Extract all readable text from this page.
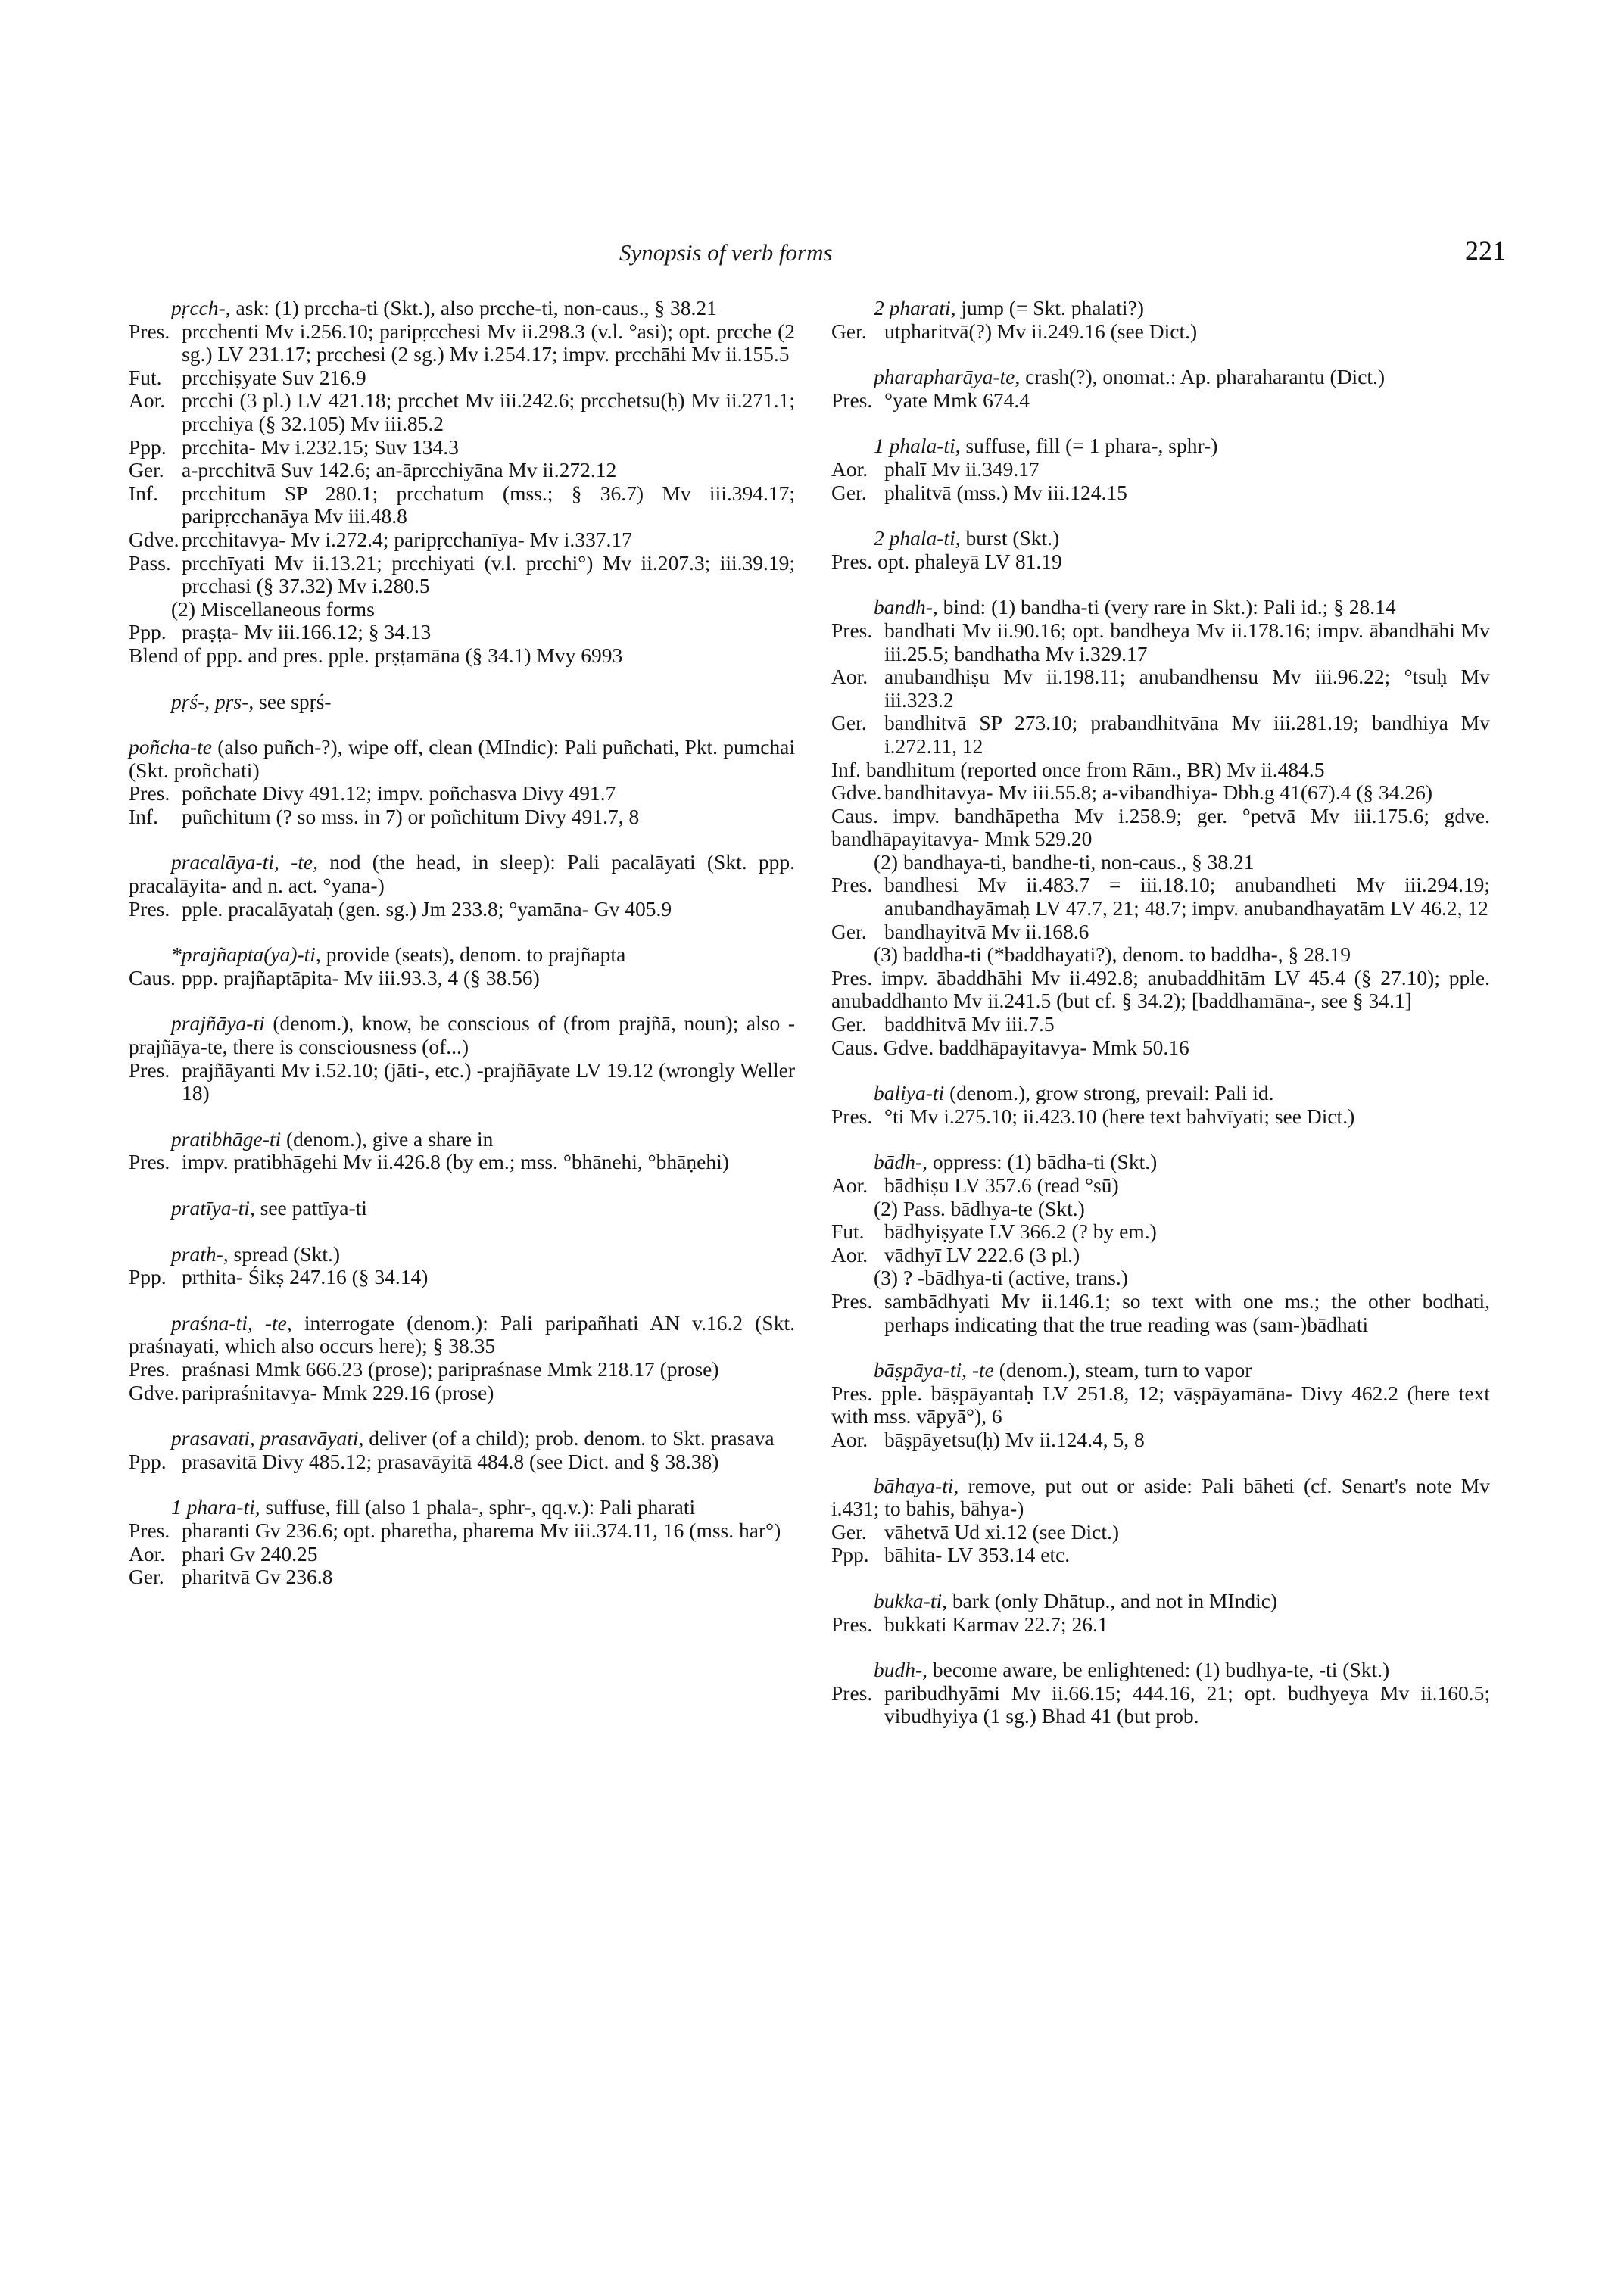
Synopsis of verb forms	221

pṛcch-, ask: (1) prccha-ti (Skt.), also prcche-ti, non-caus., § 38.21

Pres. prcchenti Mv i.256.10; paripṛcchesi Mv ii.298.3 (v.l. °asi); opt. prcche (2 sg.) LV 231.17; prcchesi (2 sg.) Mv i.254.17; impv. prcchāhi Mv ii.155.5
Fut. prcchiṣyate Suv 216.9
Aor. prcchi (3 pl.) LV 421.18; prcchet Mv iii.242.6; prcchetsu(ḥ) Mv ii.271.1; prcchiya (§ 32.105) Mv iii.85.2
Ppp. prcchita- Mv i.232.15; Suv 134.3
Ger. a-prcchitvā Suv 142.6; an-āprcchiyāna Mv ii.272.12
Inf.	prcchitum SP 280.1; prcchatum (mss.; § 36.7) Mv iii.394.17; paripṛcchanāya Mv iii.48.8
Gdve. prcchitavya- Mv i.272.4; paripṛcchanīya- Mv i.337.17
Pass. prcchīyati Mv ii.13.21; prcchiyati (v.l. prcchi°) Mv ii.207.3; iii.39.19; prcchasi (§ 37.32) Mv i.280.5

(2) Miscellaneous forms

Ppp. praṣṭa- Mv iii.166.12; § 34.13

Blend of ppp. and pres. pple. prṣṭamāna (§ 34.1) Mvy 6993

pṛś-, pṛs-, see spṛś-

poñcha-te (also puñch-?), wipe off, clean (MIndic): Pali puñchati, Pkt. pumchai (Skt. proñchati)

Pres. poñchate Divy 491.12; impv. poñchasva Divy 491.7
Inf.	puñchitum (? so mss. in 7) or poñchitum Divy 491.7, 8

pracalāya-ti, -te, nod (the head, in sleep): Pali pacalāyati (Skt. ppp. pracalāyita- and n. act. °yana-)

Pres. pple. pracalāyataḥ (gen. sg.) Jm 233.8; °yamāna- Gv 405.9

*prajñapta(ya)-ti, provide (seats), denom. to prajñapta

Caus. ppp. prajñaptāpita- Mv iii.93.3, 4 (§ 38.56)

prajñāya-ti (denom.), know, be conscious of (from prajñā, noun); also -prajñāya-te, there is consciousness (of...)

Pres. prajñāyanti Mv i.52.10; (jāti-, etc.) -prajñāyate LV 19.12 (wrongly Weller 18)

pratibhāge-ti (denom.), give a share in

Pres. impv. pratibhāgehi Mv ii.426.8 (by em.; mss. °bhānehi, °bhāṇehi)

pratīya-ti, see pattīya-ti

prath-, spread (Skt.)

Ppp. prthita- Śikṣ 247.16 (§ 34.14)

praśna-ti, -te, interrogate (denom.): Pali paripañhati AN v.16.2 (Skt. praśnayati, which also occurs here); § 38.35

Pres. praśnasi Mmk 666.23 (prose); paripraśnase Mmk 218.17 (prose)
Gdve. paripraśnitavya- Mmk 229.16 (prose)

prasavati, prasavāyati, deliver (of a child); prob. denom. to Skt. prasava

Ppp. prasavitā Divy 485.12; prasavāyitā 484.8 (see Dict. and § 38.38)

1 phara-ti, suffuse, fill (also 1 phala-, sphr-, qq.v.): Pali pharati

Pres. pharanti Gv 236.6; opt. pharetha, pharema Mv iii.374.11, 16 (mss. har°)
Aor. phari Gv 240.25
Ger. pharitvā Gv 236.8

2 pharati, jump (= Skt. phalati?)

Ger. utpharitvā(?) Mv ii.249.16 (see Dict.)

pharapharāya-te, crash(?), onomat.: Ap. pharaharantu (Dict.)

Pres. °yate Mmk 674.4

1 phala-ti, suffuse, fill (= 1 phara-, sphr-)

Aor. phalī Mv ii.349.17
Ger. phalitvā (mss.) Mv iii.124.15

2 phala-ti, burst (Skt.)

Pres. opt. phaleyā LV 81.19

bandh-, bind: (1) bandha-ti (very rare in Skt.): Pali id.; § 28.14

Pres. bandhati Mv ii.90.16; opt. bandheya Mv ii.178.16; impv. ābandhāhi Mv iii.25.5; bandhatha Mv i.329.17
Aor. anubandhiṣu Mv ii.198.11; anubandhensu Mv iii.96.22; °tsuḥ Mv iii.323.2
Ger. bandhitvā SP 273.10; prabandhitvāna Mv iii.281.19; bandhiya Mv i.272.11, 12

Inf. bandhitum (reported once from Rām., BR) Mv ii.484.5

Gdve. bandhitavya- Mv iii.55.8; a-vibandhiya- Dbh.g 41(67).4 (§ 34.26)

Caus. impv. bandhāpetha Mv i.258.9; ger. °petvā Mv iii.175.6; gdve. bandhāpayitavya- Mmk 529.20

(2) bandhaya-ti, bandhe-ti, non-caus., § 38.21

Pres. bandhesi Mv ii.483.7 = iii.18.10; anubandheti Mv iii.294.19; anubandhayāmaḥ LV 47.7, 21; 48.7; impv. anubandhayatām LV 46.2, 12
Ger. bandhayitvā Mv ii.168.6

(3) baddha-ti (*baddhayati?), denom. to baddha-, § 28.19

Pres. impv. ābaddhāhi Mv ii.492.8; anubaddhitām LV 45.4 (§ 27.10); pple. anubaddhanto Mv ii.241.5 (but cf. § 34.2); [baddhamāna-, see § 34.1]

Ger. baddhitvā Mv iii.7.5

Caus. Gdve. baddhāpayitavya- Mmk 50.16

baliya-ti (denom.), grow strong, prevail: Pali id.

Pres. °ti Mv i.275.10; ii.423.10 (here text bahvīyati; see Dict.)

bādh-, oppress: (1) bādha-ti (Skt.)

Aor. bādhiṣu LV 357.6 (read °sū)

(2) Pass. bādhya-te (Skt.)

Fut. bādhyiṣyate LV 366.2 (? by em.)
Aor. vādhyī LV 222.6 (3 pl.)

(3) ? -bādhya-ti (active, trans.)

Pres. sambādhyati Mv ii.146.1; so text with one ms.; the other bodhati, perhaps indicating that the true reading was (sam-)bādhati

bāṣpāya-ti, -te (denom.), steam, turn to vapor

Pres. pple. bāṣpāyantaḥ LV 251.8, 12; vāṣpāyamāna- Divy 462.2 (here text with mss. vāpyā°), 6

Aor. bāṣpāyetsu(ḥ) Mv ii.124.4, 5, 8

bāhaya-ti, remove, put out or aside: Pali bāheti (cf. Senart's note Mv i.431; to bahis, bāhya-)

Ger. vāhetvā Ud xi.12 (see Dict.)
Ppp. bāhita- LV 353.14 etc.

bukka-ti, bark (only Dhātup., and not in MIndic)

Pres. bukkati Karmav 22.7; 26.1

budh-, become aware, be enlightened: (1) budhya-te, -ti (Skt.)

Pres. paribudhyāmi Mv ii.66.15; 444.16, 21; opt. budhyeya Mv ii.160.5; vibudhyiya (1 sg.) Bhad 41 (but prob.
